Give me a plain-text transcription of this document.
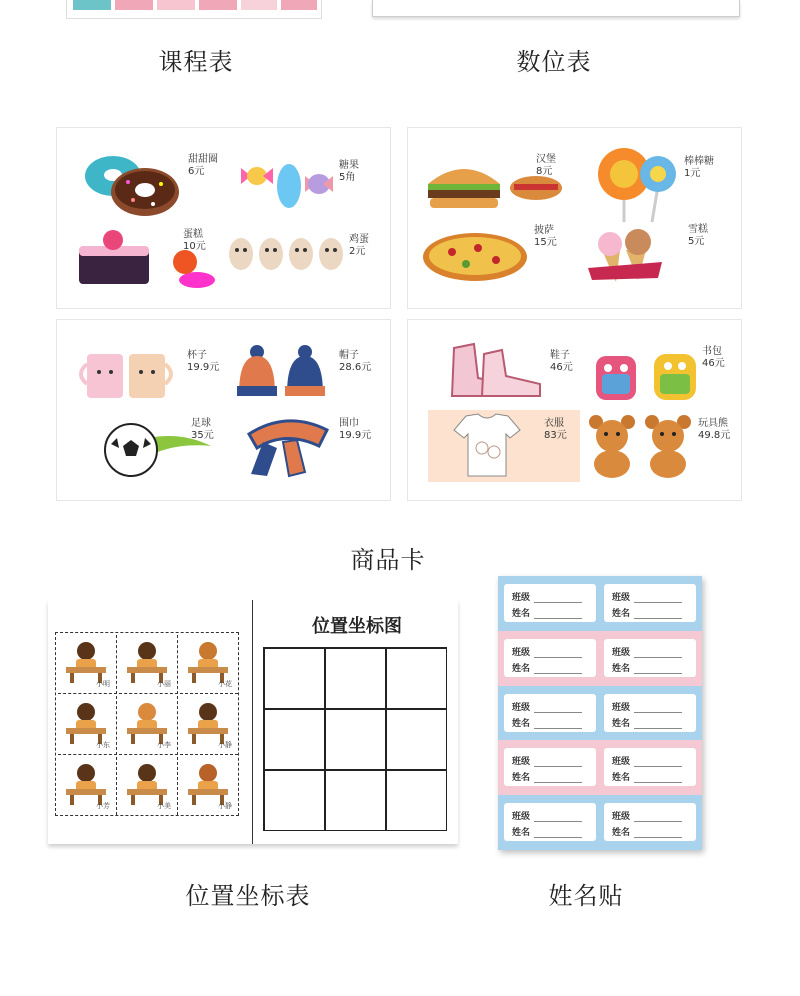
课程表	数位表
甜甜圈
6元
糖果
5角
蛋糕
10元
鸡蛋
2元
汉堡
8元
棒棒糖
1元
披萨
15元
雪糕
5元
杯子
19.9元
帽子
28.6元
足球
35元
围巾
19.9元
鞋子
46元
书包
46元
衣服
83元
玩具熊
49.8元
商品卡
小明	小丽	小花
小东	小李	小静
小芳	小美	小静
位置坐标图
班级
姓名
班级
姓名
班级
姓名
班级
姓名
班级
姓名
班级
姓名
班级
姓名
班级
姓名
班级
姓名
班级
姓名
位置坐标表	姓名贴
